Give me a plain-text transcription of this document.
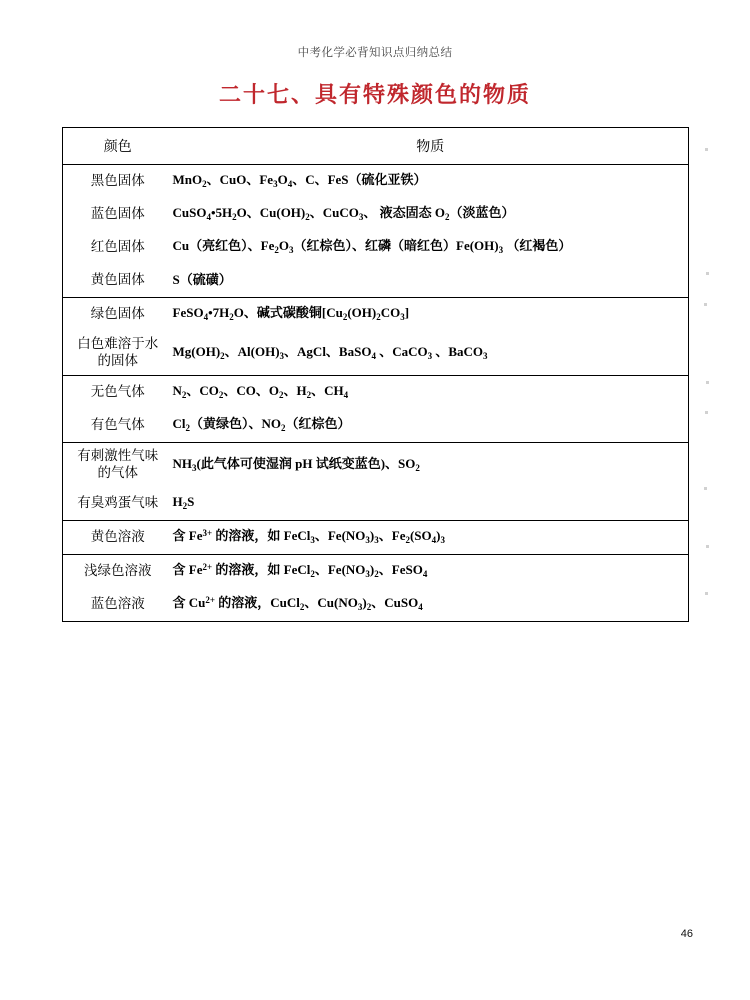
中考化学必背知识点归纳总结
二十七、具有特殊颜色的物质
颜色	物质
黑色固体	MnO$_2$、CuO、$Fe_3O_4$、C、FeS（硫化亚铁）
蓝色固体	$CuSO_4•5H_2O$、$Cu(OH)_2$、CuCO$_3$、 液态固态 $O_2$（淡蓝色）
红色固体	Cu（亮红色）、$Fe_2O_3$（红棕色）、红磷（暗红色）$Fe(OH)_3$ （红褐色）
黄色固体	S（硫磺）
绿色固体	$FeSO_4•7H_2O$、碱式碳酸铜$[Cu_2(OH)_2CO_3]$

白色难溶于水
的固体	$Mg(OH)_2$、$Al(OH)_3$、AgCl、BaSO$_4$ 、CaCO$_3$ 、BaCO$_3$
无色气体	$N_2$、$CO_2$、CO、$O_2$、$H_2$、$CH_4$
有色气体	$Cl_2$（黄绿色）、$NO_2$（红棕色）

有刺激性气味
的气体	$NH_3$(此气体可使湿润 pH 试纸变蓝色)、$SO_2$
有臭鸡蛋气味	$H_2S$
黄色溶液	含 $Fe^{3+}$ 的溶液，如 FeCl$_3$、$Fe(NO_3)_3$、$Fe_2(SO_4)_3$
浅绿色溶液	含 $Fe^{2+}$ 的溶液，如 FeCl$_2$、$Fe(NO_3)_2$、FeSO$_4$
蓝色溶液	含 $Cu^{2+}$ 的溶液，CuCl$_2$、$Cu(NO_3)_2$、CuSO$_4$
46
